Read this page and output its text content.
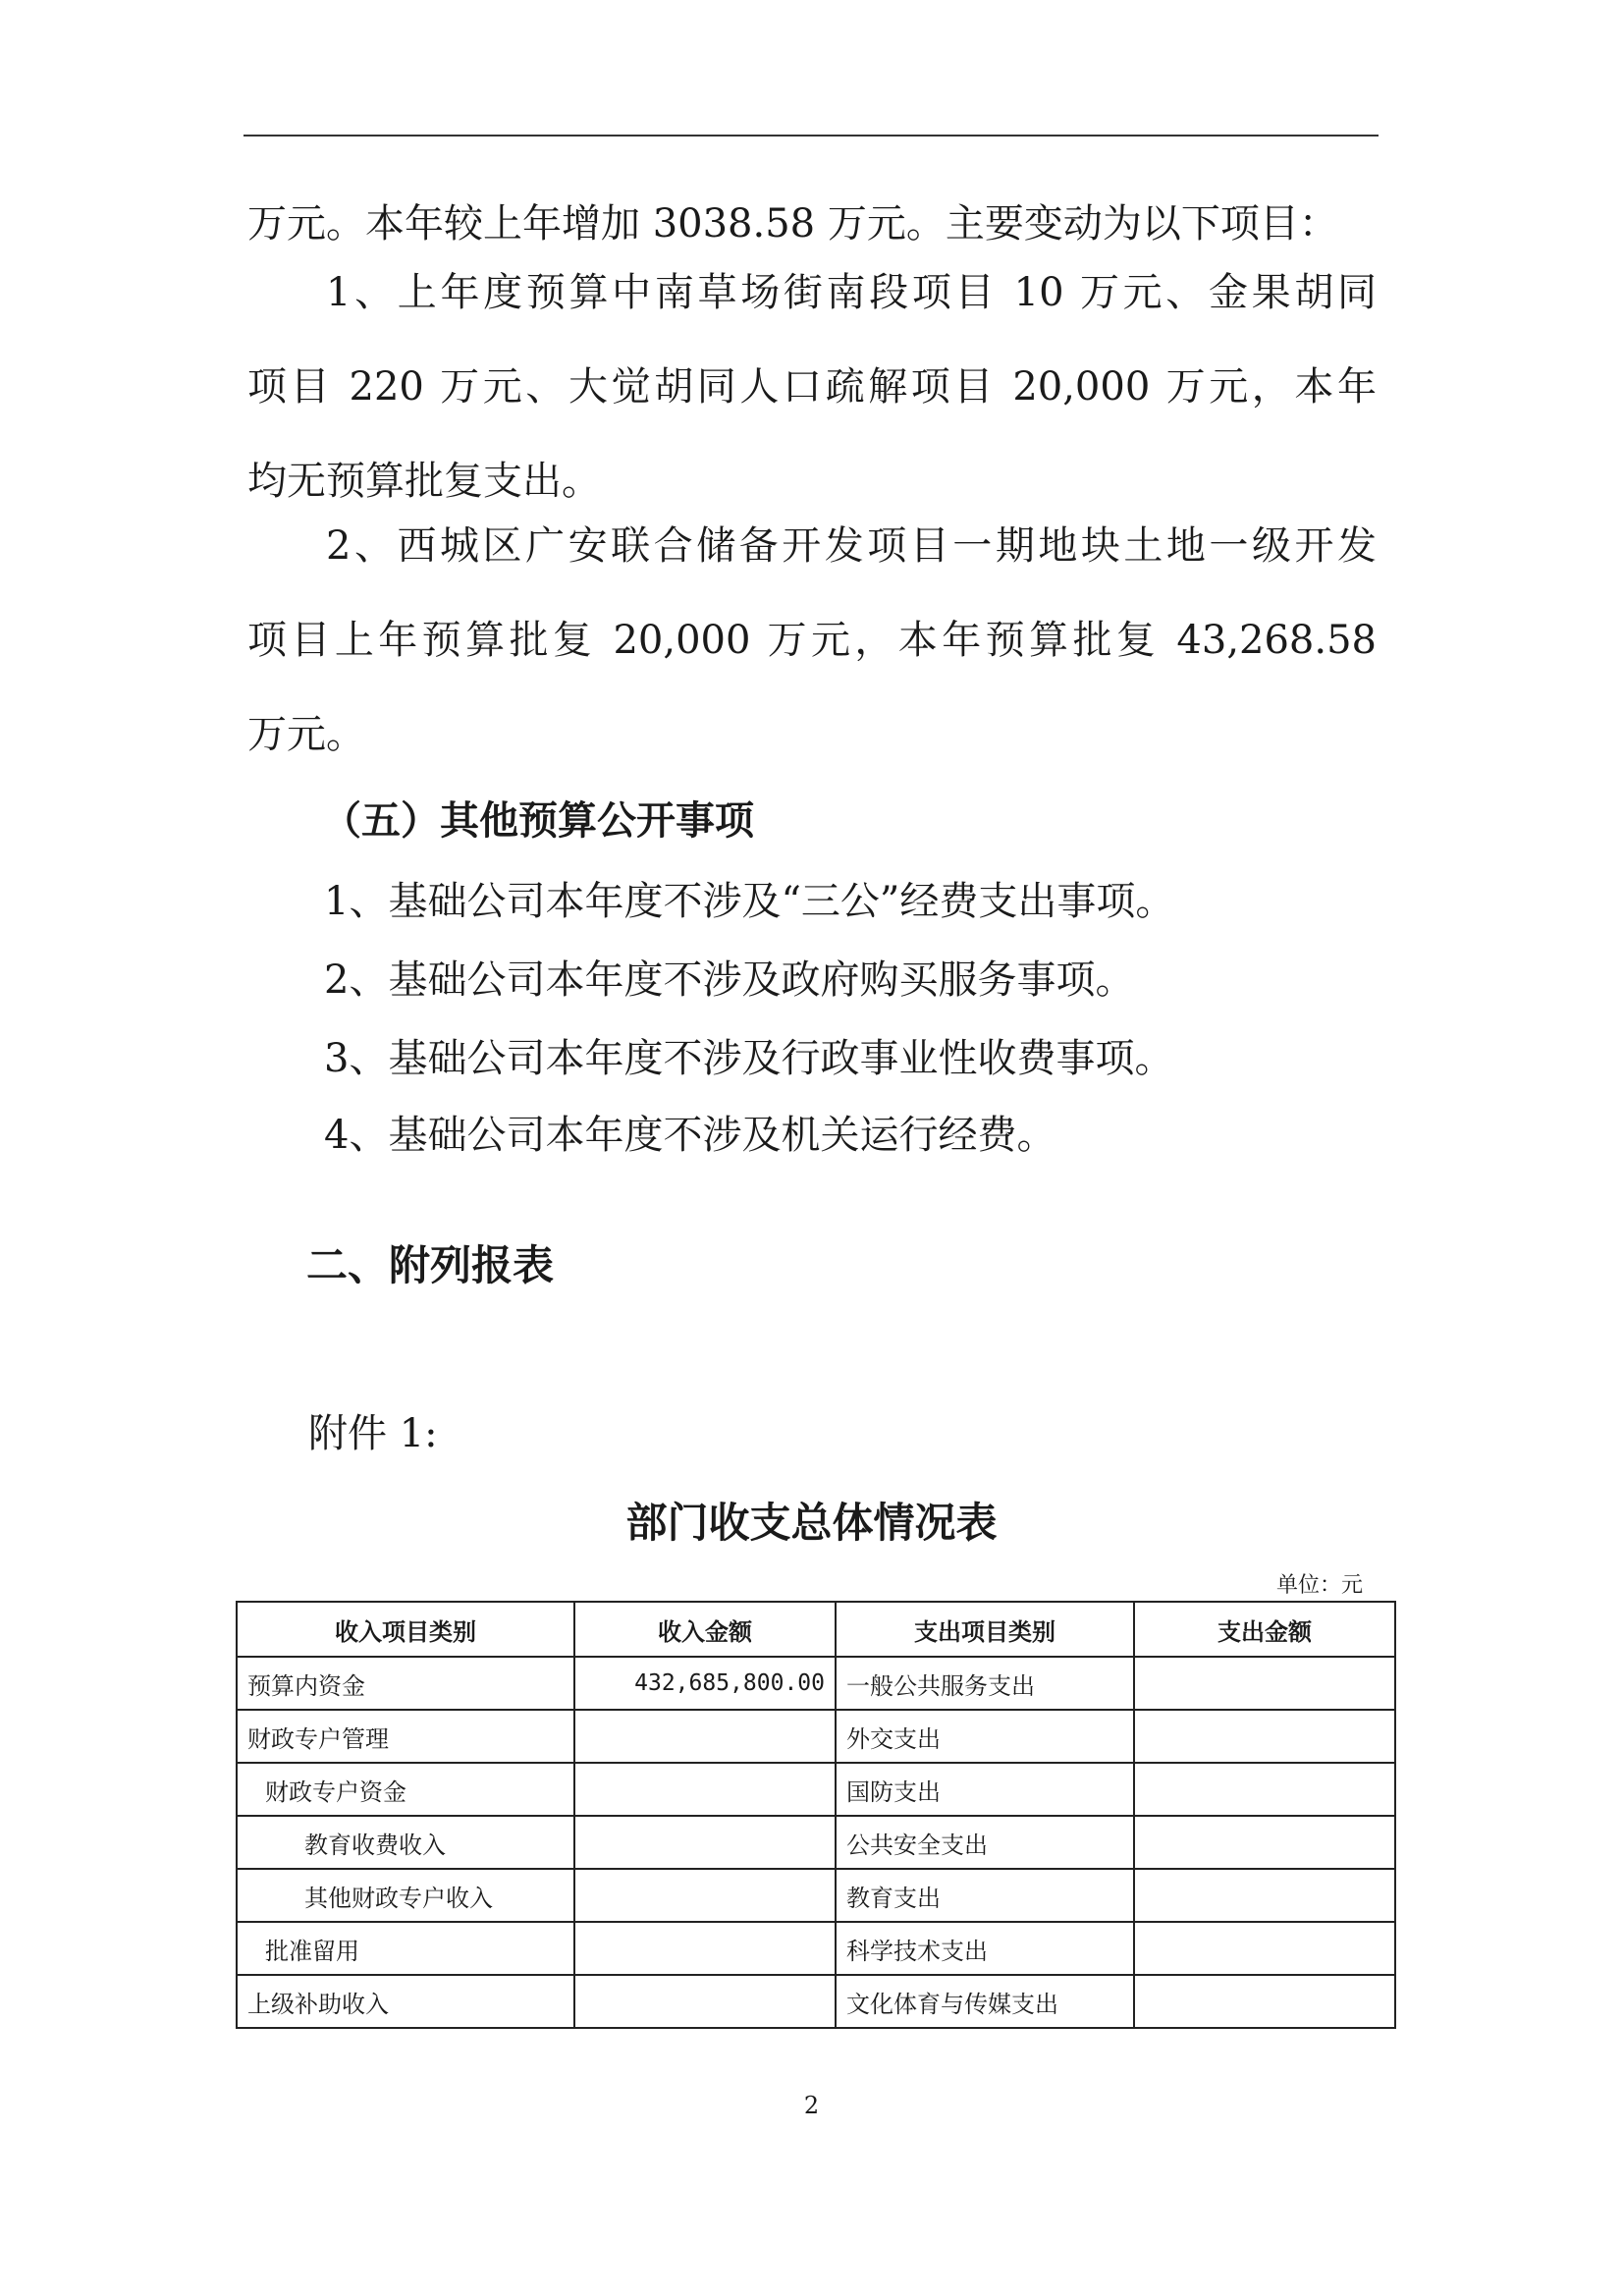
万元。本年较上年增加 3038.58 万元。主要变动为以下项目：

1、上年度预算中南草场街南段项目 10 万元、金果胡同
项目 220 万元、大觉胡同人口疏解项目 20,000 万元，本年
均无预算批复支出。

2、西城区广安联合储备开发项目一期地块土地一级开发
项目上年预算批复 20,000 万元，本年预算批复 43,268.58
万元。

（五）其他预算公开事项

1、基础公司本年度不涉及“三公”经费支出事项。

2、基础公司本年度不涉及政府购买服务事项。

3、基础公司本年度不涉及行政事业性收费事项。

4、基础公司本年度不涉及机关运行经费。

二、附列报表

附件 1:

部门收支总体情况表

单位：元

收入项目类别	收入金额	支出项目类别	支出金额
预算内资金	432,685,800.00	一般公共服务支出	
财政专户管理		外交支出	
财政专户资金		国防支出	
教育收费收入		公共安全支出	
其他财政专户收入		教育支出	
批准留用		科学技术支出	
上级补助收入		文化体育与传媒支出	

2
